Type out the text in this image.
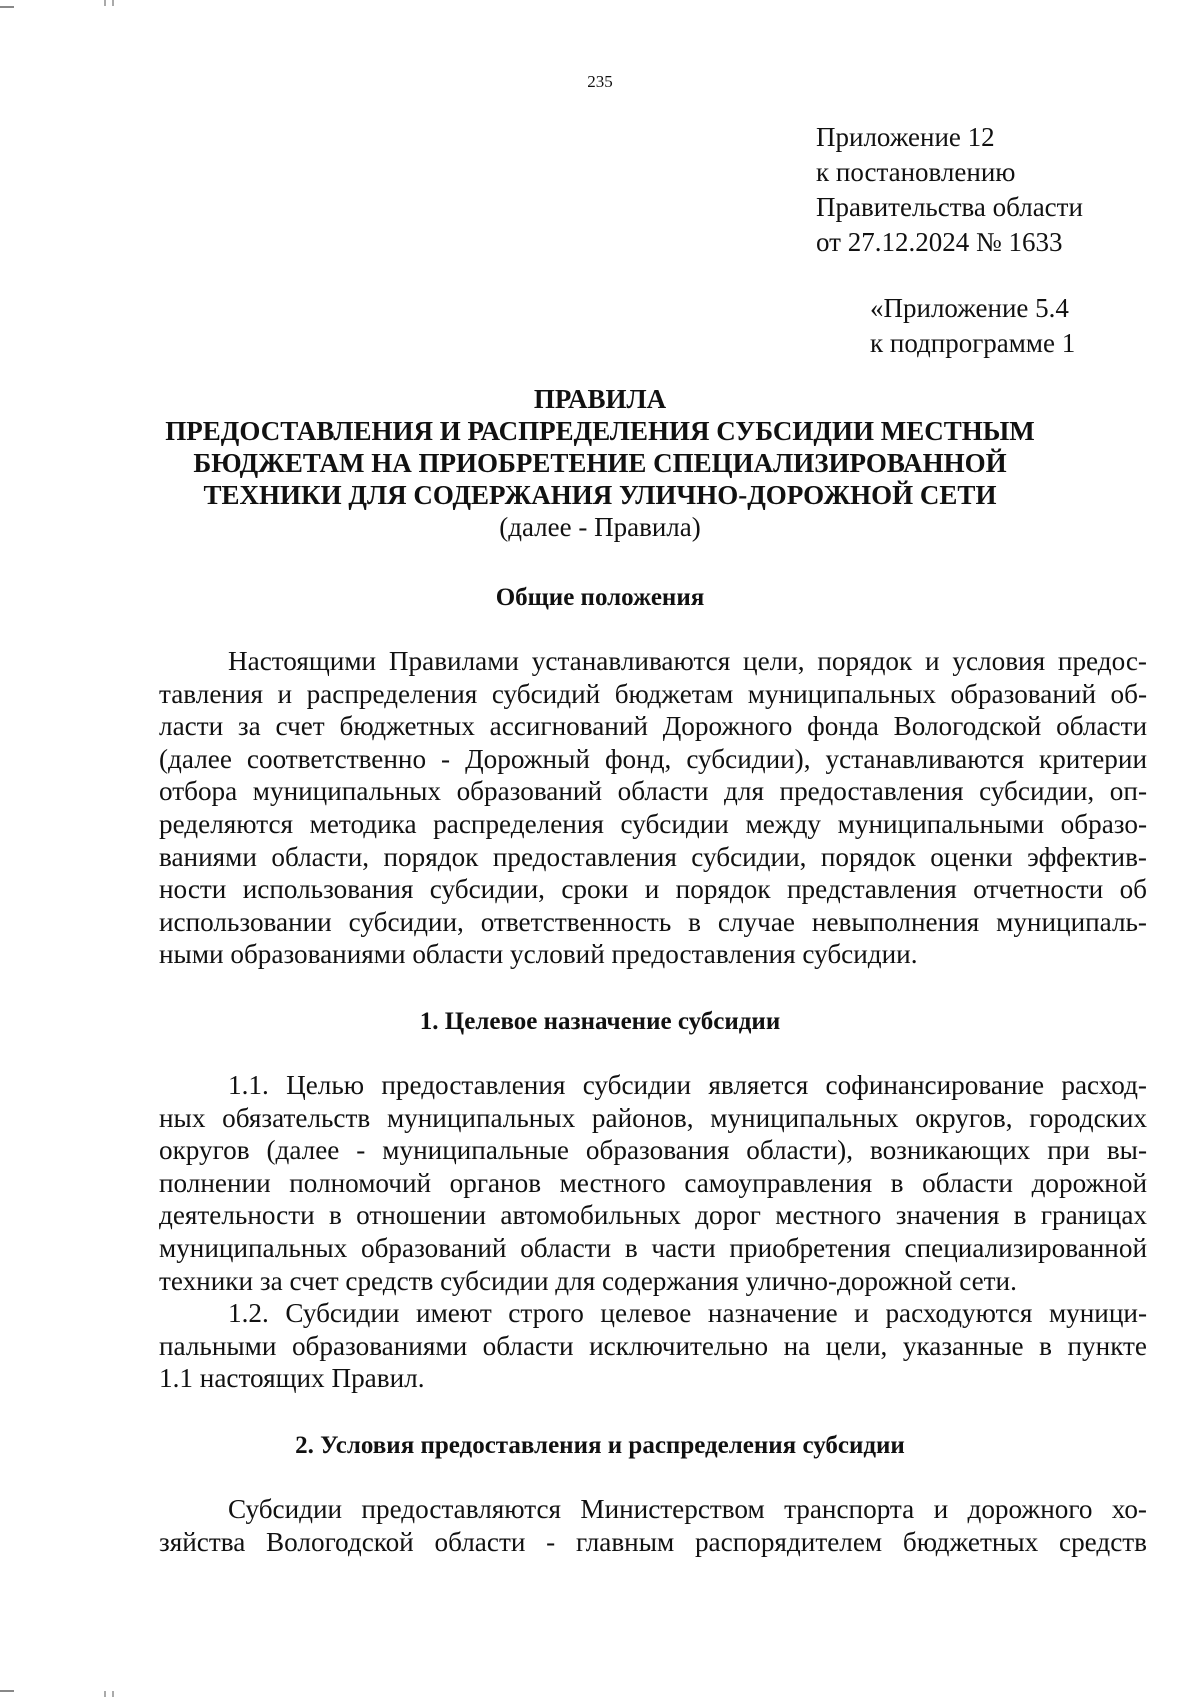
235
Приложение 12
к постановлению
Правительства области
от 27.12.2024 № 1633
«Приложение 5.4
к подпрограмме 1
ПРАВИЛА
ПРЕДОСТАВЛЕНИЯ И РАСПРЕДЕЛЕНИЯ СУБСИДИИ МЕСТНЫМ
БЮДЖЕТАМ НА ПРИОБРЕТЕНИЕ СПЕЦИАЛИЗИРОВАННОЙ
ТЕХНИКИ ДЛЯ СОДЕРЖАНИЯ УЛИЧНО-ДОРОЖНОЙ СЕТИ
(далее - Правила)
Общие положения
Настоящими Правилами устанавливаются цели, порядок и условия предос-
тавления и распределения субсидий бюджетам муниципальных образований об-
ласти за счет бюджетных ассигнований Дорожного фонда Вологодской области
(далее соответственно - Дорожный фонд, субсидии), устанавливаются критерии
отбора муниципальных образований области для предоставления субсидии, оп-
ределяются методика распределения субсидии между муниципальными образо-
ваниями области, порядок предоставления субсидии, порядок оценки эффектив-
ности использования субсидии, сроки и порядок представления отчетности об
использовании субсидии, ответственность в случае невыполнения муниципаль-
ными образованиями области условий предоставления субсидии.
1. Целевое назначение субсидии
1.1. Целью предоставления субсидии является софинансирование расход-
ных обязательств муниципальных районов, муниципальных округов, городских
округов (далее - муниципальные образования области), возникающих при вы-
полнении полномочий органов местного самоуправления в области дорожной
деятельности в отношении автомобильных дорог местного значения в границах
муниципальных образований области в части приобретения специализированной
техники за счет средств субсидии для содержания улично-дорожной сети.
1.2. Субсидии имеют строго целевое назначение и расходуются муници-
пальными образованиями области исключительно на цели, указанные в пункте
1.1 настоящих Правил.
2. Условия предоставления и распределения субсидии
Субсидии предоставляются Министерством транспорта и дорожного хо-
зяйства Вологодской области - главным распорядителем бюджетных средств
